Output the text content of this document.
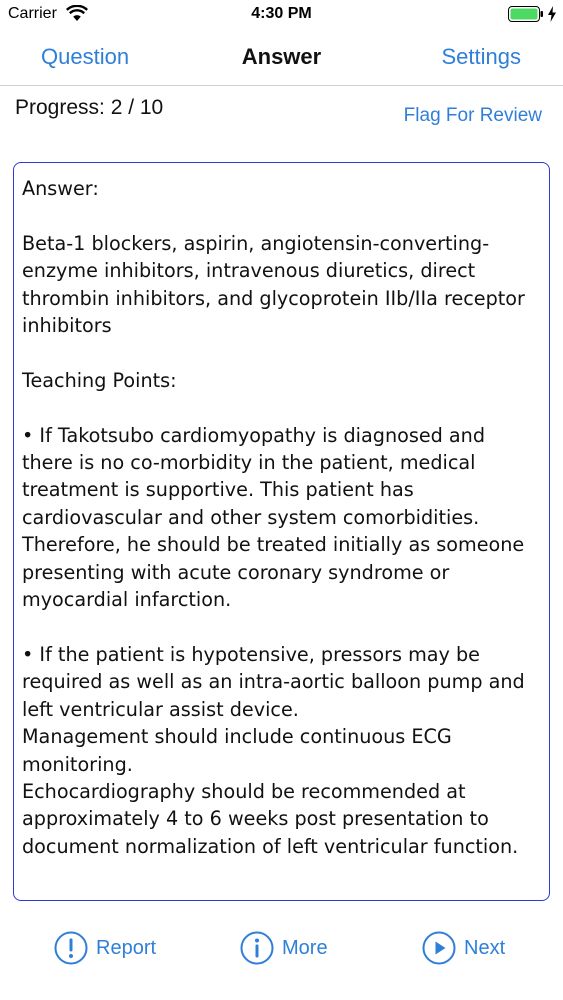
Carrier	4:30 PM
Question	Answer	Settings
Progress: 2 / 10	Flag For Review
Answer:

Beta-1 blockers, aspirin, angiotensin-converting-enzyme inhibitors, intravenous diuretics, direct thrombin inhibitors, and glycoprotein IIb/IIa receptor inhibitors

Teaching Points:

• If Takotsubo cardiomyopathy is diagnosed and there is no co-morbidity in the patient, medical treatment is supportive. This patient has cardiovascular and other system comorbidities. Therefore, he should be treated initially as someone presenting with acute coronary syndrome or myocardial infarction.

• If the patient is hypotensive, pressors may be required as well as an intra-aortic balloon pump and left ventricular assist device.
Management should include continuous ECG monitoring.
Echocardiography should be recommended at approximately 4 to 6 weeks post presentation to document normalization of left ventricular function.
Report	More	Next
